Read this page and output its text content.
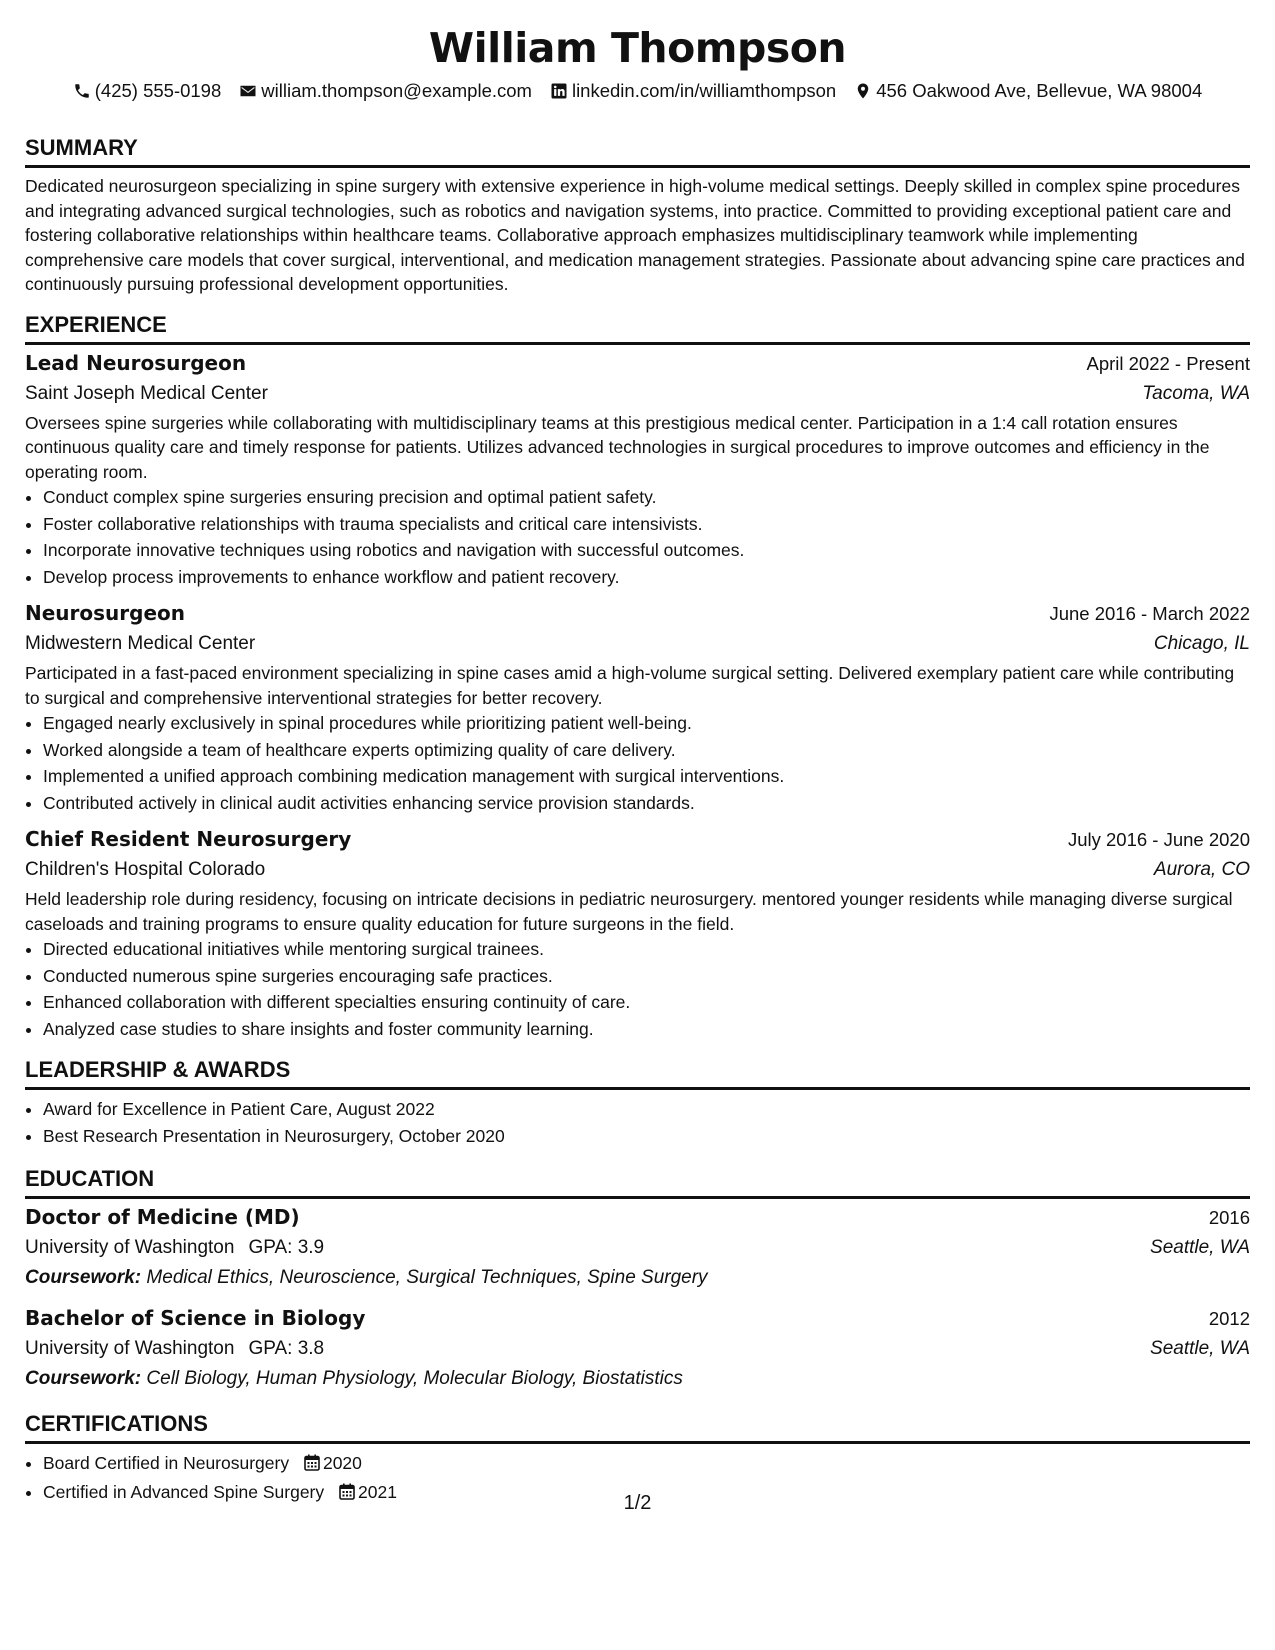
William Thompson
(425) 555-0198 william.thompson@example.com linkedin.com/in/williamthompson 456 Oakwood Ave, Bellevue, WA 98004
SUMMARY
Dedicated neurosurgeon specializing in spine surgery with extensive experience in high-volume medical settings. Deeply skilled in complex spine procedures and integrating advanced surgical technologies, such as robotics and navigation systems, into practice. Committed to providing exceptional patient care and fostering collaborative relationships within healthcare teams. Collaborative approach emphasizes multidisciplinary teamwork while implementing comprehensive care models that cover surgical, interventional, and medication management strategies. Passionate about advancing spine care practices and continuously pursuing professional development opportunities.
EXPERIENCE
Lead Neurosurgeon	April 2022 - Present
Saint Joseph Medical Center	Tacoma, WA
Oversees spine surgeries while collaborating with multidisciplinary teams at this prestigious medical center. Participation in a 1:4 call rotation ensures continuous quality care and timely response for patients. Utilizes advanced technologies in surgical procedures to improve outcomes and efficiency in the operating room.
• Conduct complex spine surgeries ensuring precision and optimal patient safety.
• Foster collaborative relationships with trauma specialists and critical care intensivists.
• Incorporate innovative techniques using robotics and navigation with successful outcomes.
• Develop process improvements to enhance workflow and patient recovery.
Neurosurgeon	June 2016 - March 2022
Midwestern Medical Center	Chicago, IL
Participated in a fast-paced environment specializing in spine cases amid a high-volume surgical setting. Delivered exemplary patient care while contributing to surgical and comprehensive interventional strategies for better recovery.
• Engaged nearly exclusively in spinal procedures while prioritizing patient well-being.
• Worked alongside a team of healthcare experts optimizing quality of care delivery.
• Implemented a unified approach combining medication management with surgical interventions.
• Contributed actively in clinical audit activities enhancing service provision standards.
Chief Resident Neurosurgery	July 2016 - June 2020
Children's Hospital Colorado	Aurora, CO
Held leadership role during residency, focusing on intricate decisions in pediatric neurosurgery. mentored younger residents while managing diverse surgical caseloads and training programs to ensure quality education for future surgeons in the field.
• Directed educational initiatives while mentoring surgical trainees.
• Conducted numerous spine surgeries encouraging safe practices.
• Enhanced collaboration with different specialties ensuring continuity of care.
• Analyzed case studies to share insights and foster community learning.
LEADERSHIP & AWARDS
• Award for Excellence in Patient Care, August 2022
• Best Research Presentation in Neurosurgery, October 2020
EDUCATION
Doctor of Medicine (MD)	2016
University of Washington GPA: 3.9	Seattle, WA
Coursework: Medical Ethics, Neuroscience, Surgical Techniques, Spine Surgery
Bachelor of Science in Biology	2012
University of Washington GPA: 3.8	Seattle, WA
Coursework: Cell Biology, Human Physiology, Molecular Biology, Biostatistics
CERTIFICATIONS
• Board Certified in Neurosurgery 2020
• Certified in Advanced Spine Surgery 2021
1/2
